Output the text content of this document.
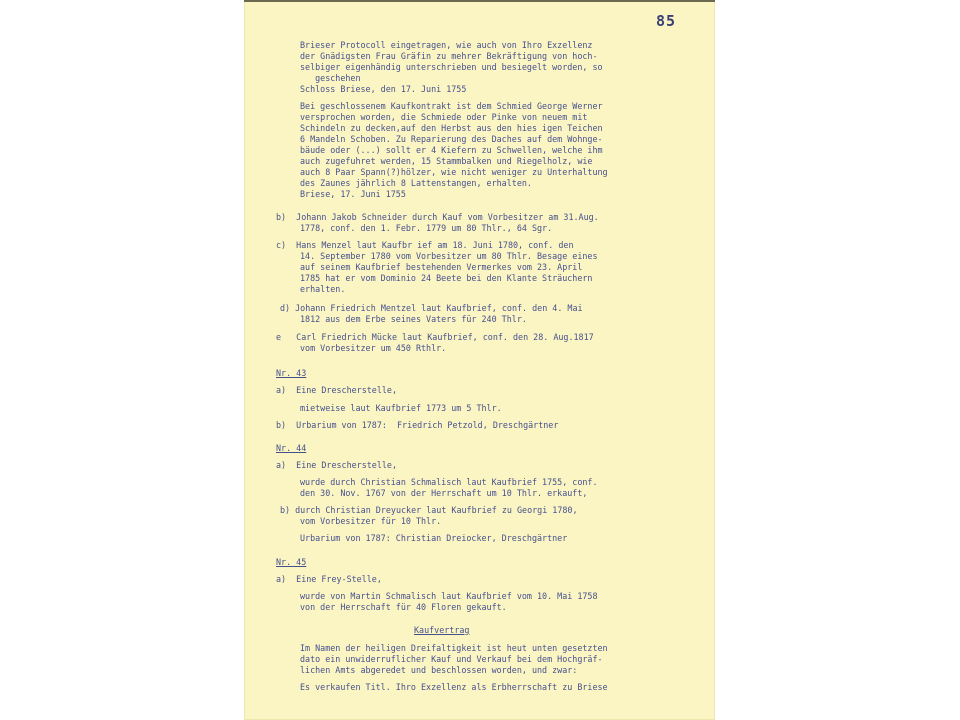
85
Brieser Protocoll eingetragen, wie auch von Ihro Exzellenz
der Gnädigsten Frau Gräfin zu mehrer Bekräftigung von hoch-
selbiger eigenhändig unterschrieben und besiegelt worden, so
geschehen
Schloss Briese, den 17. Juni 1755
Bei geschlossenem Kaufkontrakt ist dem Schmied George Werner
versprochen worden, die Schmiede oder Pinke von neuem mit
Schindeln zu decken,auf den Herbst aus den hies igen Teichen
6 Mandeln Schoben. Zu Reparierung des Daches auf dem Wohnge-
bäude oder (...) sollt er 4 Kiefern zu Schwellen, welche ihm
auch zugefuhret werden, 15 Stammbalken und Riegelholz, wie
auch 8 Paar Spann(?)hölzer, wie nicht weniger zu Unterhaltung
des Zaunes jährlich 8 Lattenstangen, erhalten.
Briese, 17. Juni 1755
b)  Johann Jakob Schneider durch Kauf vom Vorbesitzer am 31.Aug.
1778, conf. den 1. Febr. 1779 um 80 Thlr., 64 Sgr.
c)  Hans Menzel laut Kaufbr ief am 18. Juni 1780, conf. den
14. September 1780 vom Vorbesitzer um 80 Thlr. Besage eines
auf seinem Kaufbrief bestehenden Vermerkes vom 23. April
1785 hat er vom Dominio 24 Beete bei den Klante Sträuchern
erhalten.
d) Johann Friedrich Mentzel laut Kaufbrief, conf. den 4. Mai
1812 aus dem Erbe seines Vaters für 240 Thlr.
e   Carl Friedrich Mücke laut Kaufbrief, conf. den 28. Aug.1817
vom Vorbesitzer um 450 Rthlr.
Nr. 43
a)  Eine Drescherstelle,
mietweise laut Kaufbrief 1773 um 5 Thlr.
b)  Urbarium von 1787:  Friedrich Petzold, Dreschgärtner
Nr. 44
a)  Eine Drescherstelle,
wurde durch Christian Schmalisch laut Kaufbrief 1755, conf.
den 30. Nov. 1767 von der Herrschaft um 10 Thlr. erkauft,
b) durch Christian Dreyucker laut Kaufbrief zu Georgi 1780,
vom Vorbesitzer für 10 Thlr.
Urbarium von 1787: Christian Dreiocker, Dreschgärtner
Nr. 45
a)  Eine Frey-Stelle,
wurde von Martin Schmalisch laut Kaufbrief vom 10. Mai 1758
von der Herrschaft für 40 Floren gekauft.
Kaufvertrag
Im Namen der heiligen Dreifaltigkeit ist heut unten gesetzten
dato ein unwiderruflicher Kauf und Verkauf bei dem Hochgräf-
lichen Amts abgeredet und beschlossen worden, und zwar:
Es verkaufen Titl. Ihro Exzellenz als Erbherrschaft zu Briese
